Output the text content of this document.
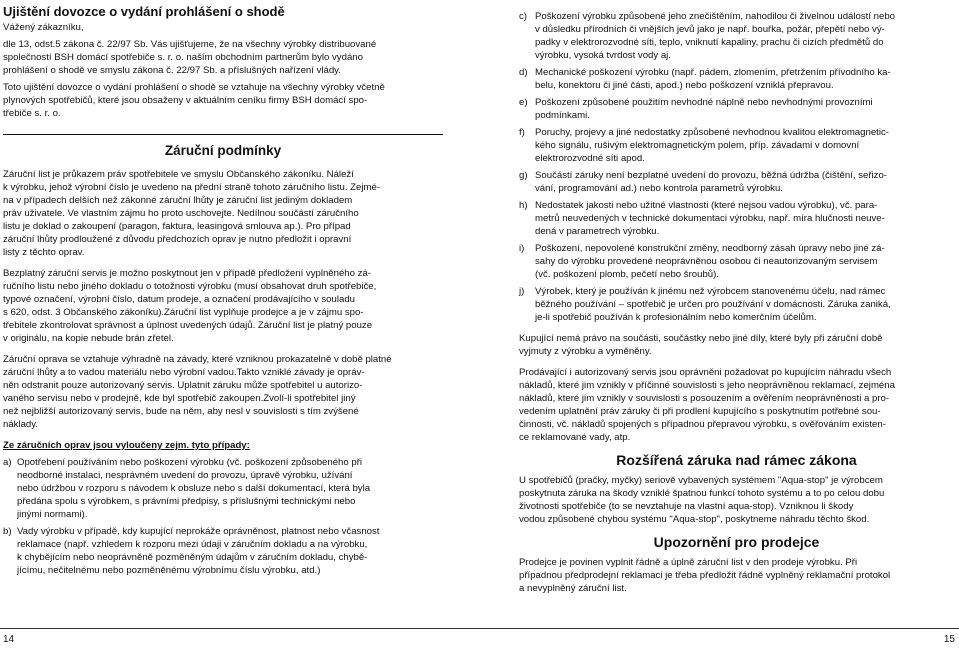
Ujištění dovozce o vydání prohlášení o shodě

Vážený zákazníku,

dle 13, odst.5 zákona č. 22/97 Sb. Vás ujišťujeme, že na všechny výrobky distribuované

společností BSH domácí spotřebiče s. r. o. naším obchodním partnerům bylo vydáno

prohlášení o shodě ve smyslu zákona č. 22/97 Sb. a příslušných nařízení vlády.

Toto ujištění dovozce o vydání prohlášení o shodě se vztahuje na všechny výrobky včetně

plynových spotřebičů, které jsou obsaženy v aktuálním ceníku firmy BSH domácí spo-

třebiče s. r. o.

Záruční podmínky

Záruční list je průkazem práv spotřebitele ve smyslu Občanského zákoníku. Náleží

k výrobku, jehož výrobní číslo je uvedeno na přední straně tohoto záručního listu. Zejmé-

na v případech delších než zákonné záruční lhůty je záruční list jediným dokladem

práv uživatele. Ve vlastním zájmu ho proto uschovejte. Nedílnou součástí záručního

listu je doklad o zakoupení (paragon, faktura, leasingová smlouva ap.). Pro případ

záruční lhůty prodloužené z důvodu předchozích oprav je nutno předložit i opravní

listy z těchto oprav.

Bezplatný záruční servis je možno poskytnout jen v případě předložení vyplněného zá-

ručního listu nebo jiného dokladu o totožnosti výrobku (musí obsahovat druh spotřebiče,

typové označení, výrobní číslo, datum prodeje, a označení prodávajícího v souladu

s 620, odst. 3 Občanského zákoníku).Záruční list vyplňuje prodejce a je v zájmu spo-

třebitele zkontrolovat správnost a úplnost uvedených údajů. Záruční list je platný pouze

v originálu, na kopie nebude brán zřetel.

Záruční oprava se vztahuje výhradně na závady, které vzniknou prokazatelně v době platné

záruční lhůty a to vadou materiálu nebo výrobní vadou.Takto vzniklé závady je opráv-

něn odstranit pouze autorizovaný servis. Uplatnit záruku může spotřebitel u autorizo-

vaného servisu nebo v prodejně, kde byl spotřebič zakoupen.Zvolí-li spotřebitel jiný

než nejbližší autorizovaný servis, bude na něm, aby nesl v souvislosti s tím zvýšené

náklady.

Ze záručních oprav jsou vyloučeny zejm. tyto případy:
a) Opotřebení používáním nebo poškození výrobku (vč. poškození způsobeného při
neodborné instalaci, nesprávném uvedení do provozu, úpravě výrobku, užívání
nebo údržbou v rozporu s návodem k obsluze nebo s další dokumentací, která byla
předána spolu s výrobkem, s právními předpisy, s příslušnými technickými nebo
jinými normami).
b) Vady výrobku v případě, kdy kupující neprokáže oprávněnost, platnost nebo včasnost
reklamace (např. vzhledem k rozporu mezi údaji v záručním dokladu a na výrobku,
k chybějícím nebo neoprávněně pozměněným údajům v záručním dokladu, chybě-
jícímu, nečitelnému nebo pozměněnému výrobnímu číslu výrobku, atd.)
c) Poškození výrobku způsobené jeho znečištěním, nahodilou či živelnou událostí nebo
v důsledku přírodních či vnějších jevů jako je např. bouřka, požár, přepětí nebo vý-
padky v elektrorozvodné síti, teplo, vniknutí kapaliny, prachu či cizích předmětů do
výrobku, vysoká tvrdost vody aj.
d) Mechanické poškození výrobku (např. pádem, zlomením, přetržením přívodního ka-
belu, konektoru či jiné části, apod.) nebo poškození vzniklá přepravou.
e) Poškození způsobené použitím nevhodné náplně nebo nevhodnými provozními
podmínkami.
f)	Poruchy, projevy a jiné nedostatky způsobené nevhodnou kvalitou elektromagnetic-
kého signálu, rušivým elektromagnetickým polem, příp. závadami v domovní
elektrorozvodné síti apod.
g) Součástí záruky není bezplatné uvedení do provozu, běžná údržba (čištění, seřizo-
vání, programování ad.) nebo kontrola parametrů výrobku.
h) Nedostatek jakosti nebo užitné vlastnosti (které nejsou vadou výrobku), vč. para-
metrů neuvedených v technické dokumentaci výrobku, např. míra hlučnosti neuve-
dená v parametrech výrobku.
i)	Poškození, nepovolené konstrukční změny, neodborný zásah úpravy nebo jiné zá-
sahy do výrobku provedené neoprávněnou osobou či neautorizovaným servisem
(vč. poškození plomb, pečetí nebo šroubů).
j)	Výrobek, který je používán k jinému než výrobcem stanovenému účelu, nad rámec
běžného používání – spotřebič je určen pro používání v domácnosti. Záruka zaniká,
je-li spotřebič používán k profesionálním nebo komerčním účelům.

Kupující nemá právo na součásti, součástky nebo jiné díly, které byly při záruční době

vyjmuty z výrobku a vyměněny.

Prodávající i autorizovaný servis jsou oprávněni požadovat po kupujícím náhradu všech

nákladů, které jim vznikly v příčinné souvislosti s jeho neoprávněnou reklamací, zejména

nákladů, které jim vznikly v souvislosti s posouzením a ověřením neoprávněnosti a pro-

vedením uplatnění práv záruky či při prodlení kupujícího s poskytnutím potřebné sou-

činnosti, vč. nákladů spojených s případnou přepravou výrobku, s ověřováním existen-

ce reklamované vady, atp.

Rozšířená záruka nad rámec zákona

U spotřebičů (pračky, myčky) seriově vybavených systémem "Aqua-stop" je výrobcem

poskytnuta záruka na škody vzniklé špatnou funkcí tohoto systému a to po celou dobu

životnosti spotřebiče (to se nevztahuje na vlastní aqua-stop). Vzniknou li škody

vodou způsobené chybou systému "Aqua-stop", poskytneme náhradu těchto škod.

Upozornění pro prodejce

Prodejce je povinen vyplnit řádně a úplně záruční list v den prodeje výrobku. Při

případnou předprodejní reklamaci je třeba předložit řádně vyplněný reklamační protokol

a nevyplněný záruční list.

14	15
